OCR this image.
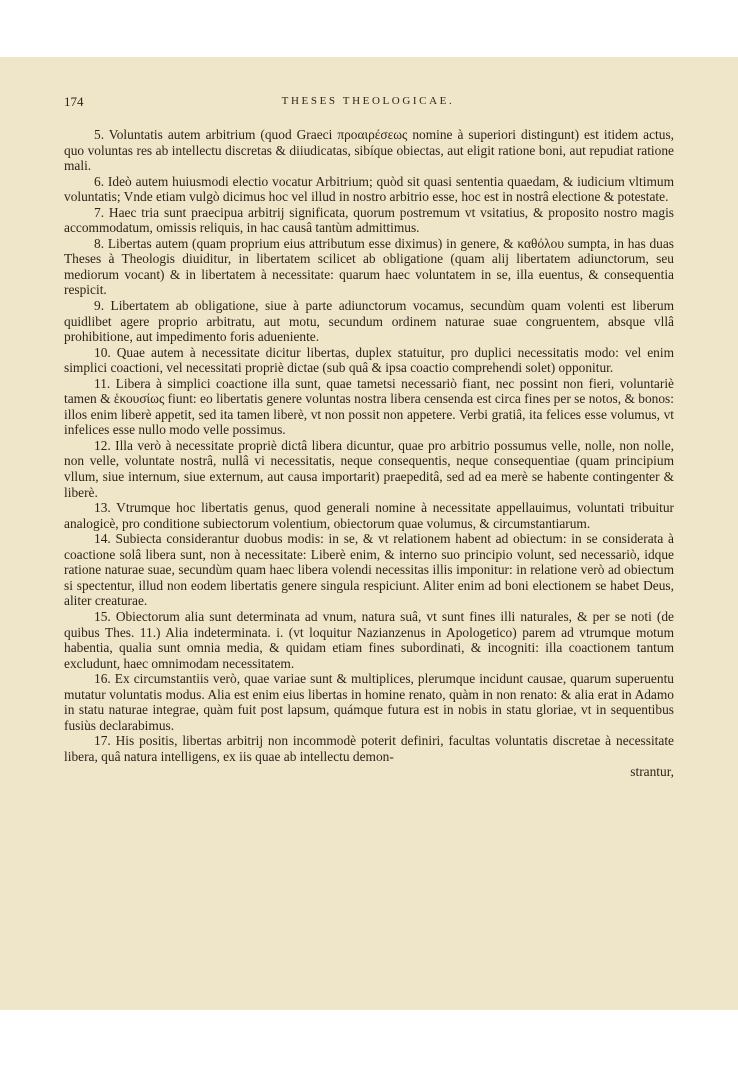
174	THESES THEOLOGICAE.

5. Voluntatis autem arbitrium (quod Graeci προαιρέσεως nomine à superiori distingunt) est itidem actus, quo voluntas res ab intellectu discretas & diiudicatas, sibíque obiectas, aut eligit ratione boni, aut repudiat ratione mali.

6. Ideò autem huiusmodi electio vocatur Arbitrium; quòd sit quasi sententia quaedam, & iudicium vltimum voluntatis; Vnde etiam vulgò dicimus hoc vel illud in nostro arbitrio esse, hoc est in nostrâ electione & potestate.

7. Haec tria sunt praecipua arbitrij significata, quorum postremum vt vsitatius, & proposito nostro magis accommodatum, omissis reliquis, in hac causâ tantùm admittimus.

8. Libertas autem (quam proprium eius attributum esse diximus) in genere, & καθόλου sumpta, in has duas Theses à Theologis diuiditur, in libertatem scilicet ab obligatione (quam alij libertatem adiunctorum, seu mediorum vocant) & in libertatem à necessitate: quarum haec voluntatem in se, illa euentus, & consequentia respicit.

9. Libertatem ab obligatione, siue à parte adiunctorum vocamus, secundùm quam volenti est liberum quidlibet agere proprio arbitratu, aut motu, secundum ordinem naturae suae congruentem, absque vllâ prohibitione, aut impedimento foris adueniente.

10. Quae autem à necessitate dicitur libertas, duplex statuitur, pro duplici necessitatis modo: vel enim simplici coactioni, vel necessitati propriè dictae (sub quâ & ipsa coactio comprehendi solet) opponitur.

11. Libera à simplici coactione illa sunt, quae tametsi necessariò fiant, nec possint non fieri, voluntariè tamen & ἑκουσίως fiunt: eo libertatis genere voluntas nostra libera censenda est circa fines per se notos, & bonos: illos enim liberè appetit, sed ita tamen liberè, vt non possit non appetere. Verbi gratiâ, ita felices esse volumus, vt infelices esse nullo modo velle possimus.

12. Illa verò à necessitate propriè dictâ libera dicuntur, quae pro arbitrio possumus velle, nolle, non nolle, non velle, voluntate nostrâ, nullâ vi necessitatis, neque consequentis, neque consequentiae (quam principium vllum, siue internum, siue externum, aut causa importarit) praepeditâ, sed ad ea merè se habente contingenter & liberè.

13. Vtrumque hoc libertatis genus, quod generali nomine à necessitate appellauimus, voluntati tribuitur analogicè, pro conditione subiectorum volentium, obiectorum quae volumus, & circumstantiarum.

14. Subiecta considerantur duobus modis: in se, & vt relationem habent ad obiectum: in se considerata à coactione solâ libera sunt, non à necessitate: Liberè enim, & interno suo principio volunt, sed necessariò, idque ratione naturae suae, secundùm quam haec libera volendi necessitas illis imponitur: in relatione verò ad obiectum si spectentur, illud non eodem libertatis genere singula respiciunt. Aliter enim ad boni electionem se habet Deus, aliter creaturae.

15. Obiectorum alia sunt determinata ad vnum, natura suâ, vt sunt fines illi naturales, & per se noti (de quibus Thes. 11.) Alia indeterminata. i. (vt loquitur Nazianzenus in Apologetico) parem ad vtrumque motum habentia, qualia sunt omnia media, & quidam etiam fines subordinati, & incogniti: illa coactionem tantum excludunt, haec omnimodam necessitatem.

16. Ex circumstantiis verò, quae variae sunt & multiplices, plerumque incidunt causae, quarum superuentu mutatur voluntatis modus. Alia est enim eius libertas in homine renato, quàm in non renato: & alia erat in Adamo in statu naturae integrae, quàm fuit post lapsum, quámque futura est in nobis in statu gloriae, vt in sequentibus fusiùs declarabimus.

17. His positis, libertas arbitrij non incommodè poterit definiri, facultas voluntatis discretae à necessitate libera, quâ natura intelligens, ex iis quae ab intellectu demon-

strantur,
